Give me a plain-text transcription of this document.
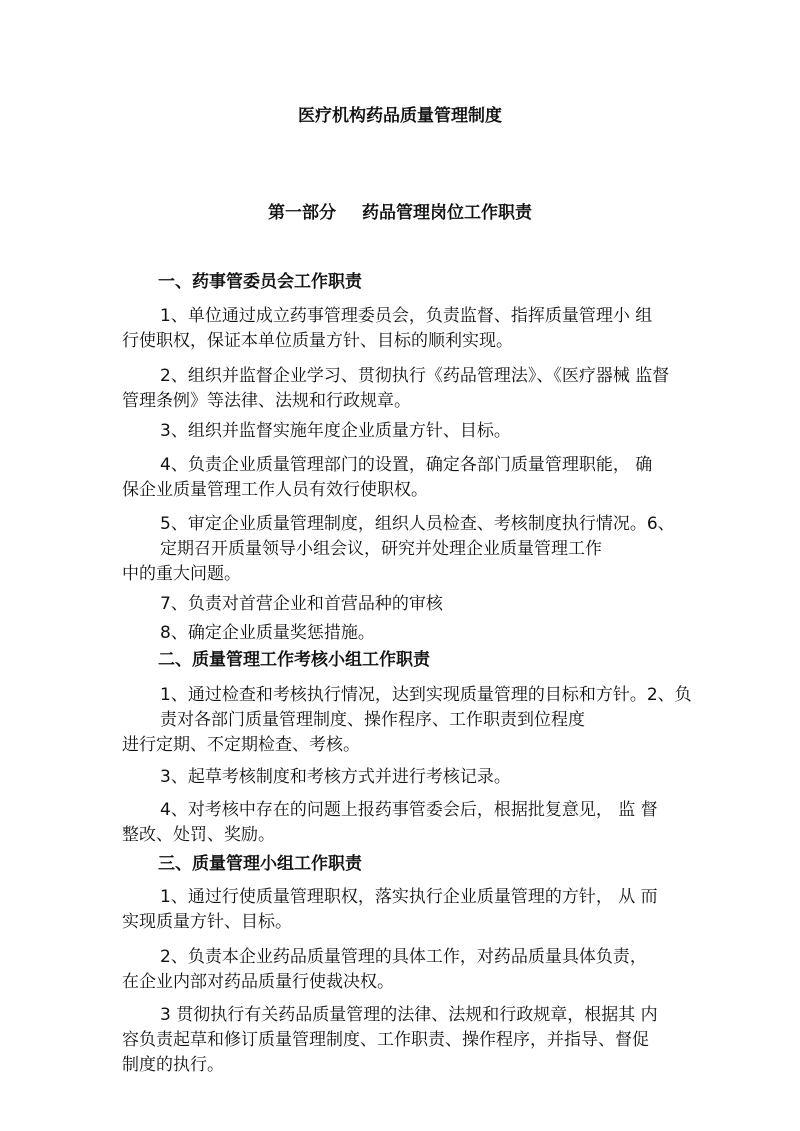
医疗机构药品质量管理制度
第一部分 药品管理岗位工作职责
一、药事管委员会工作职责
1、单位通过成立药事管理委员会，负责监督、指挥质量管理小 组
行使职权，保证本单位质量方针、目标的顺利实现。
2、组织并监督企业学习、贯彻执行《药品管理法》、《医疗器械 监督
管理条例》等法律、法规和行政规章。
3、组织并监督实施年度企业质量方针、目标。
4、负责企业质量管理部门的设置，确定各部门质量管理职能， 确
保企业质量管理工作人员有效行使职权。
5、审定企业质量管理制度，组织人员检查、考核制度执行情况。6、
定期召开质量领导小组会议，研究并处理企业质量管理工作
中的重大问题。
7、负责对首营企业和首营品种的审核
8、确定企业质量奖惩措施。
二、质量管理工作考核小组工作职责
1、通过检查和考核执行情况，达到实现质量管理的目标和方针。2、负
责对各部门质量管理制度、操作程序、工作职责到位程度
进行定期、不定期检查、考核。
3、起草考核制度和考核方式并进行考核记录。
4、对考核中存在的问题上报药事管委会后，根据批复意见， 监 督
整改、处罚、奖励。
三、质量管理小组工作职责
1、通过行使质量管理职权，落实执行企业质量管理的方针， 从 而
实现质量方针、目标。
2、负责本企业药品质量管理的具体工作，对药品质量具体负责，
在企业内部对药品质量行使裁决权。
3 贯彻执行有关药品质量管理的法律、法规和行政规章，根据其 内
容负责起草和修订质量管理制度、工作职责、操作程序，并指导、督促
制度的执行。
